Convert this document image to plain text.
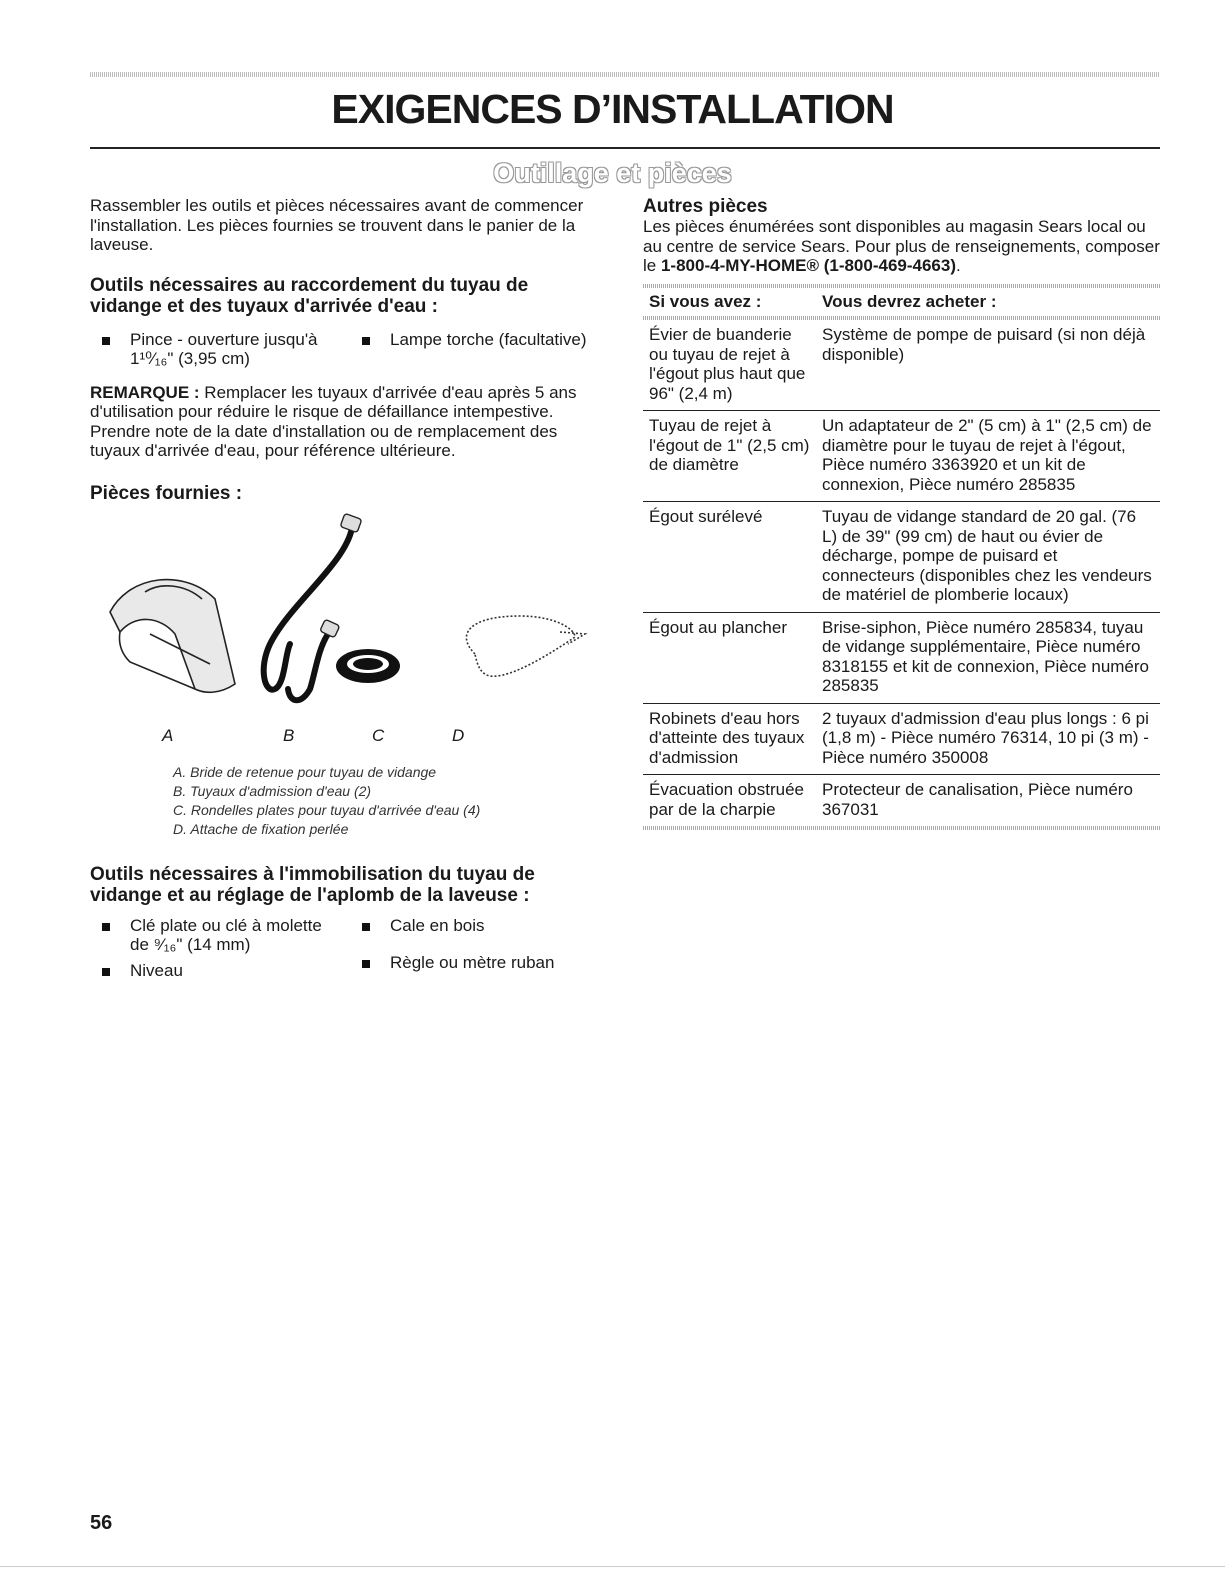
EXIGENCES D’INSTALLATION
Outillage et pièces

Rassembler les outils et pièces nécessaires avant de commencer l'installation. Les pièces fournies se trouvent dans le panier de la laveuse.

Outils nécessaires au raccordement du tuyau de vidange et des tuyaux d'arrivée d'eau :
Pince - ouverture jusqu'à 1¹⁰⁄₁₆" (3,95 cm)
Lampe torche (facultative)

REMARQUE : Remplacer les tuyaux d'arrivée d'eau après 5 ans d'utilisation pour réduire le risque de défaillance intempestive. Prendre note de la date d'installation ou de remplacement des tuyaux d'arrivée d'eau, pour référence ultérieure.

Pièces fournies :
A	B	C	D
A. Bride de retenue pour tuyau de vidange
B. Tuyaux d'admission d'eau (2)
C. Rondelles plates pour tuyau d'arrivée d'eau (4)
D. Attache de fixation perlée
Outils nécessaires à l'immobilisation du tuyau de vidange et au réglage de l'aplomb de la laveuse :
Clé plate ou clé à molette de ⁹⁄₁₆" (14 mm)
Cale en bois
Niveau	Règle ou mètre ruban
Autres pièces

Les pièces énumérées sont disponibles au magasin Sears local ou au centre de service Sears. Pour plus de renseignements, composer le 1-800-4-MY-HOME® (1-800-469-4663).

Si vous avez :	Vous devrez acheter :

Évier de buanderie ou tuyau de rejet à l'égout plus haut que 96" (2,4 m)	Système de pompe de puisard (si non déjà disponible)
Tuyau de rejet à l'égout de 1" (2,5 cm) de diamètre	Un adaptateur de 2" (5 cm) à 1" (2,5 cm) de diamètre pour le tuyau de rejet à l'égout, Pièce numéro 3363920 et un kit de connexion, Pièce numéro 285835
Égout surélevé	Tuyau de vidange standard de 20 gal. (76 L) de 39" (99 cm) de haut ou évier de décharge, pompe de puisard et connecteurs (disponibles chez les vendeurs de matériel de plomberie locaux)
Égout au plancher	Brise-siphon, Pièce numéro 285834, tuyau de vidange supplémentaire, Pièce numéro 8318155 et kit de connexion, Pièce numéro 285835
Robinets d'eau hors d'atteinte des tuyaux d'admission	2 tuyaux d'admission d'eau plus longs : 6 pi (1,8 m) - Pièce numéro 76314, 10 pi (3 m) - Pièce numéro 350008
Évacuation obstruée par de la charpie	Protecteur de canalisation, Pièce numéro 367031
56
